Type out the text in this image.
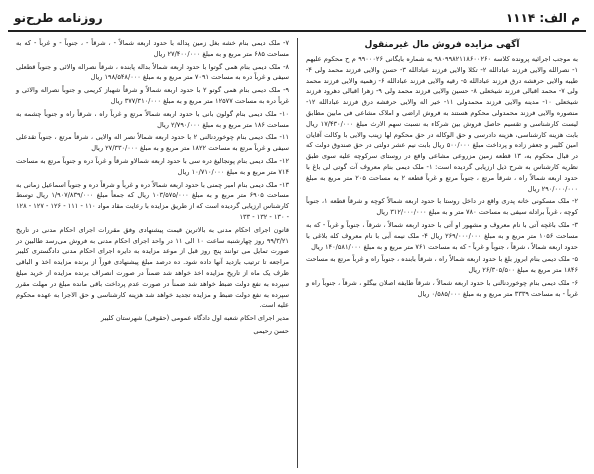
م الف: ۱۱۱۴
روزنامه طرح‌نو
آگهی مزایده فروش مال غیرمنقول

به موجب اجرائیه پرونده کلاسه ۹۸۰۹۹۸۲۱۱۸۶۰۰۲۶۰ به شماره بایگانی ۹۹۰۰۰۲۶ م ح محکوم علیهم ۱- نصرالله والایی فرزند عبادالله ۲- تکلا والایی فرزند عبادالله ۳- حسن والایی فرزند محمد ولی ۴- طیبه والایی حرفشه درق فرزند عبادالله ۵- رقیه والایی فرزند عبادالله ۶- زهمیه والایی فرزند محمد ولی ۷- محمد اقبالی فرزند شیخعلی ۸- حسین والایی فرزند محمد ولی ۹- زهرا اقبالی دهرود فرزند شیخعلی ۱۰- مدینه والایی فرزند محمدولی ۱۱- خیر اله والایی حرفشه درق فرزند عبادالله ۱۲- منصوره والایی فرزند محمدولی محکوم هستند به فروش اراضی و املاک مشاعی فی مابین مطابق لیست کارشناسی و تقسیم حاصل فروش بین شرکاء به نسبت سهم الارث مبلغ ۱۷/۴۳۰/۰۰۰ ریال بابت هزینه کارشناسی، هزینه دادرسی و حق الوکاله در حق محکوم لها زینب والایی با وکالت آقایان امین کلیبر و جعفر زاده و پرداخت مبلغ ۵۰۰/۰۰۰ ریال بابت نیم عشر دولتی در حق صندوق دولت که در قبال محکوم به، ۱۳ قطعه زمین مزروعی مشاعی واقع در روستای سرکوچه علیه سوی طبق نظریه کارشناس به شرح ذیل ارزیابی گردیده است: ۱- ملک دیمی بنام معروف آت گوتی لی باغ با حدود اربعه شمالاً راه ، شرقاً مرتع ، جنوباً مرتع و غرباً قطعه ۲ به مساحت ۲۰۵ متر مربع به مبلغ ۲۹۰/۰۰۰/۰۰۰ ریال

۲- ملک مسکونی خانه پدری واقع در داخل روستا با حدود اربعه شمالاً کوچه و شرقاً قطعه ۱، جنوباً کوچه ، غرباً برادله سیفی به مساحت ۷۸۰ متر و به مبلغ ۳۱۲/۰۰۰/۰۰۰ ریال

۳- ملک باغچه آتی با نام معروف و مشهور او آتی با حدود اربعه شمالاً ، شرقاً ، جنوباً و غرباً - که به مساحت ۱۰۵۶ متر مربع و به مبلغ ۲۶۹/۰۰۰/۰۰۰ ریال ۴- ملک نیمه آبی با نام معروف کله بلاغی با حدود اربعه شمالاً ، شرقاً ، جنوباً و غرباً - که به مساحت ۷۶۱ متر مربع و به مبلغ ۱۴۰/۵۸۱/۰۰۰ ریال

۵- ملک دیمی بنام ابروز بلغ با حدود اربعه شمالاً راه ، شرقاً بابنده ، جنوباً راه و غرباً مرتع به مساحت ۱۸۴۶ متر مربع به مبلغ ۲۶/۳۰۵/۵۰۰ ریال

۶- ملک دیمی بنام چوخوردنالنی با حدود اربعه شمالاً ، شرقاً طایفه اصلان بیگلو ، شرقاً ، جنوباً راه و غرباً - به مساحت ۳۳۳۹ متر مربع و به مبلغ ۰/۵۸۵/۰۰۰ ریال

۷- ملک دیمی بنام خشه بغل زمین پداله با حدود اربعه شمالاً - ، شرقاً - ، جنوباً - و غرباً - که به مساحت ۶۸۵ متر مربع و به مبلغ ۲۷/۴۰۰/۰۰۰ ریال

۸- ملک دیمی بنام همی گوتوا با حدود اربعه شمالاً بداله پابنده ، شرقاً نصراله والائی و جنوباً قطعلی سیفی و غرباً دره به مساحت ۷۰۹۱ متر مربع و به مبلغ ۱۹۸/۵۴۸/۰۰۰ ریال

۹- ملک دیمی بنام همی گوتو ۲ با حدود اربعه شمالاً و شرقاً شهباز کریمی و جنوباً نصراله والائی و غرباً دره به مساحت ۱۲۵۷۷ متر مربع و به مبلغ ۳۷۷/۳۱۰/۰۰۰ ریال

۱۰- ملک دیمی بنام گولون بانی با حدود اربعه شمالاً مرتع و غرباً راه ، شرقاً راه و جنوباً چشمه به مساحت ۱۸۶ متر مربع و به مبلغ ۲/۷۹۰/۰۰۰ ریال

۱۱- ملک دیمی بنام چوخوردنالنی ۲ با حدود اربعه شمالاً نصر اله والایی ، شرقاً مرتع ، جنوباً تقدعلی سیفی و غرباً مرتع به مساحت ۱۸۲۲ متر مربع و به مبلغ ۲۷/۳۳۰/۰۰۰ ریال

۱۲- ملک دیمی بنام پونجالیغ دره سی با حدود اربعه شمالاو شرقاً و غرباً دره و جنوباً مرتع به مساحت ۷۱۴ متر مربع و به مبلغ ۱۰/۷۱۰/۰۰۰ ریال

۱۳- ملک دیمی بنام امیر چمنی با حدود اربعه شمالاً دره و غرباً و شرقاً دره و جنوباً اسماعیل زمانی به مساحت ۶۹۰۵ متر مربع و به مبلغ ۱۰۳/۵۷۵/۰۰۰ ریال که جمعاً مبلغ ۱/۹۰۷/۸۳۹/۰۰۰ ریال توسط کارشناس ارزیابی گردیده است که از طریق مزایده با رعایت مقاد مواد ۱۱۰ - ۱۱۱ - ۱۲۶ - ۱۲۷ - ۱۲۸ - ۱۳۰ - ۱۳۲ - ۱۳۳

قانون اجرای احکام مدنی به بالاترین قیمت پیشنهادی وفق مقررات اجرای احکام مدنی در تاریخ ۹۹/۳/۲۱ روز چهارشنبه ساعت ۱۰ الی ۱۱ در واحد اجرای احکام مدنی به فروش می‌رسد طالبین در صورت تمایل می توانند پنج روز قبل از موعد مزایده به دایره اجرای احکام مدنی دادگستری کلیبر مراجعه تا ترتیب بازدید آنها داده شود. ده درصد مبلغ پیشنهادی فوراً از برنده مزایده اخذ و الباقی ظرف یک ماه از تاریخ مزایده اخذ خواهد شد ضمناً در صورت انصراف برنده مزایده از خرید مبلغ سپرده به نفع دولت ضبط خواهد شد ضمناً در صورت عدم پرداخت باقی مانده مبلغ در مهلت مقرر سپرده به نفع دولت ضبط و مزایده تجدید خواهد شد هزینه کارشناسی و حق الاجرا به عهده محکوم علیه است.

مدیر اجرای احکام شعبه اول دادگاه عمومی (حقوقی) شهرستان کلیبر

حسن رحیمی
